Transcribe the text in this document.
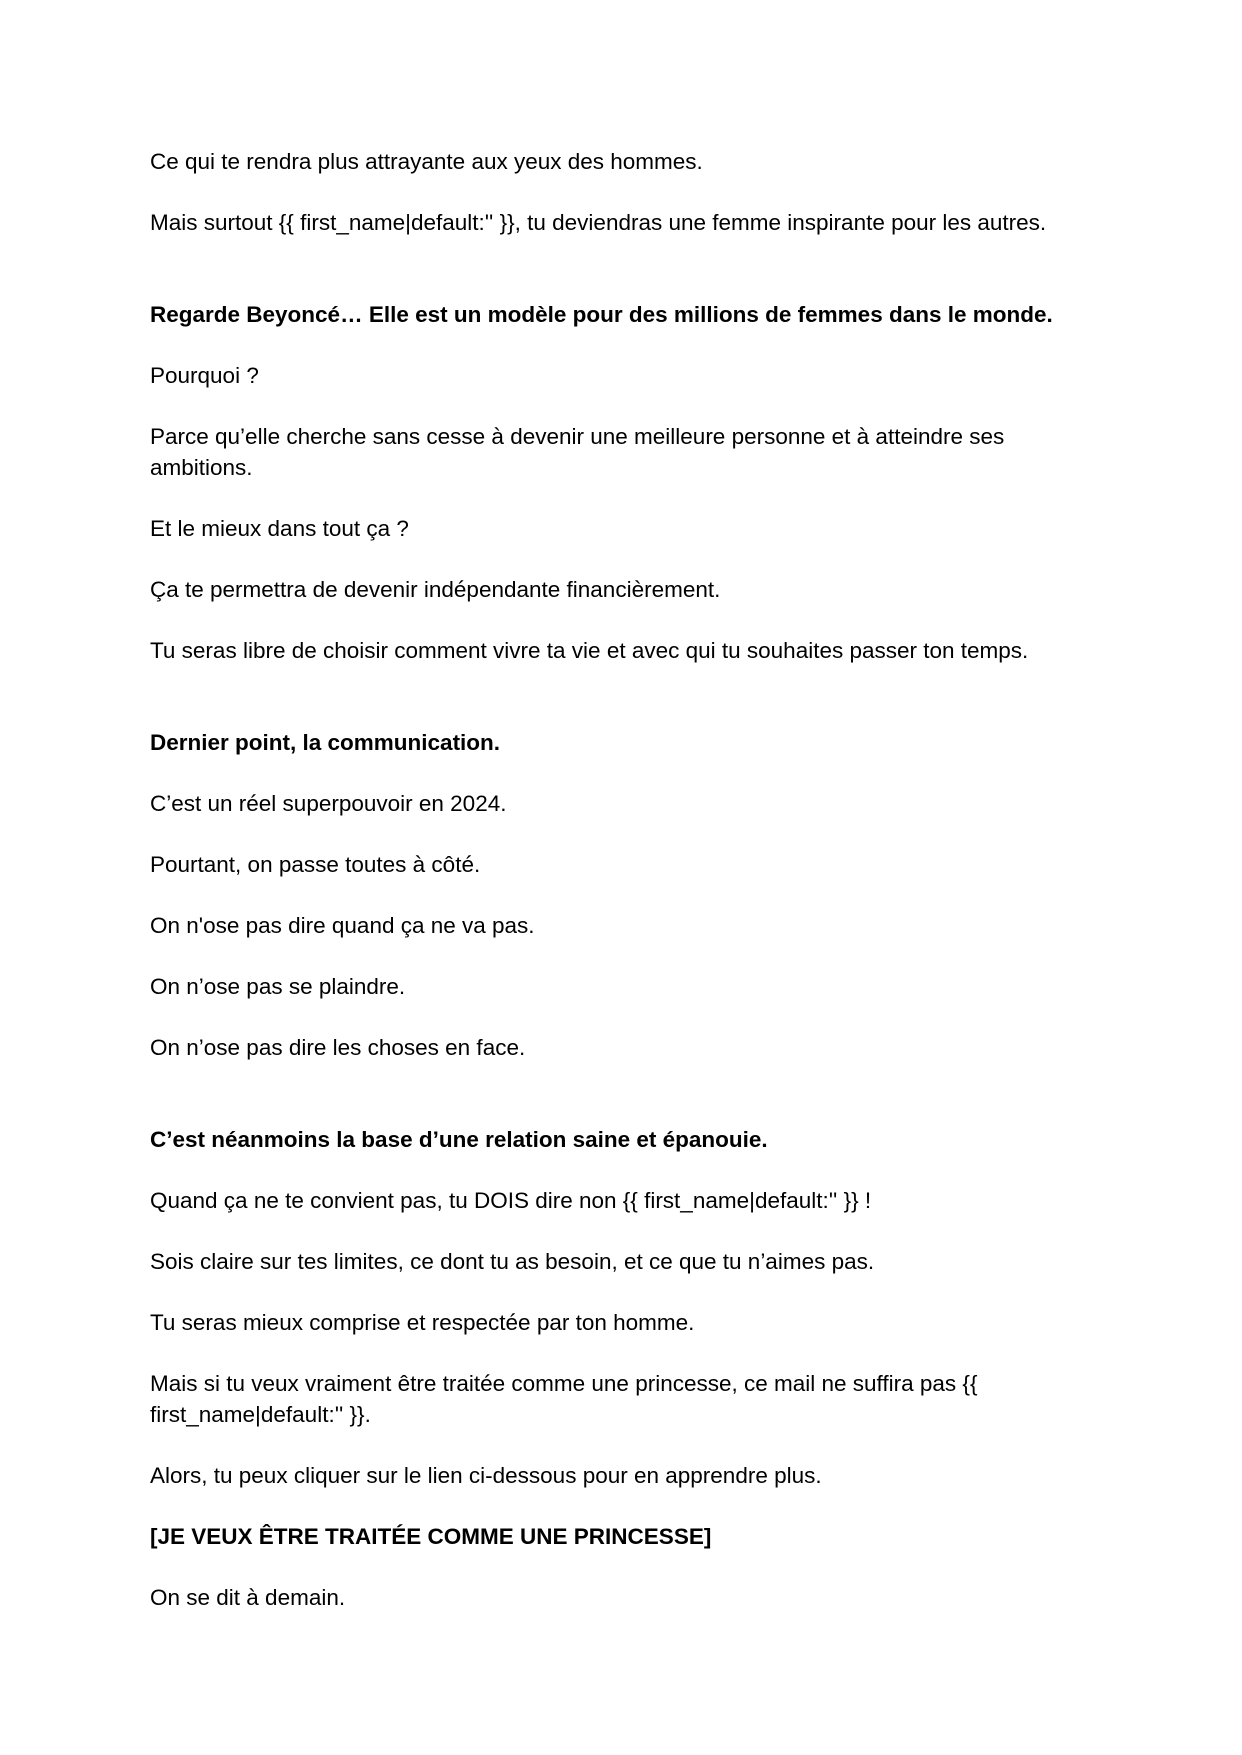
Ce qui te rendra plus attrayante aux yeux des hommes.

Mais surtout {{ first_name|default:'' }}, tu deviendras une femme inspirante pour les autres.

Regarde Beyoncé… Elle est un modèle pour des millions de femmes dans le monde.

Pourquoi ?

Parce qu’elle cherche sans cesse à devenir une meilleure personne et à atteindre ses ambitions.

Et le mieux dans tout ça ?

Ça te permettra de devenir indépendante financièrement.

Tu seras libre de choisir comment vivre ta vie et avec qui tu souhaites passer ton temps.

Dernier point, la communication.

C’est un réel superpouvoir en 2024.

Pourtant, on passe toutes à côté.

On n'ose pas dire quand ça ne va pas.

On n’ose pas se plaindre.

On n’ose pas dire les choses en face.

C’est néanmoins la base d’une relation saine et épanouie.

Quand ça ne te convient pas, tu DOIS dire non {{ first_name|default:'' }} !

Sois claire sur tes limites, ce dont tu as besoin, et ce que tu n’aimes pas.

Tu seras mieux comprise et respectée par ton homme.

Mais si tu veux vraiment être traitée comme une princesse, ce mail ne suffira pas {{ first_name|default:'' }}.

Alors, tu peux cliquer sur le lien ci-dessous pour en apprendre plus.

[JE VEUX ÊTRE TRAITÉE COMME UNE PRINCESSE]

On se dit à demain.
